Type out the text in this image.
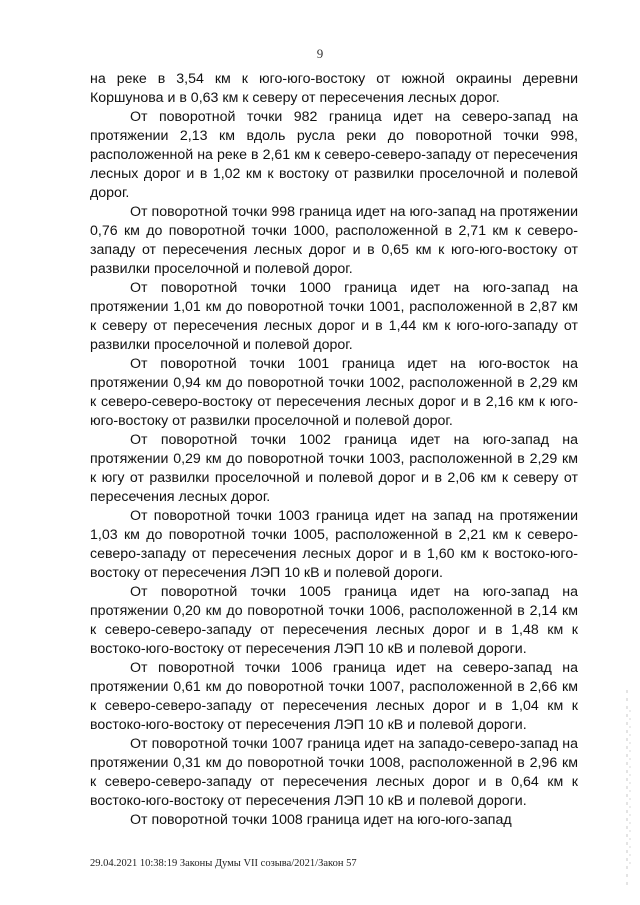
9

на реке в 3,54 км к юго-юго-востоку от южной окраины деревни Коршунова и в 0,63 км к северу от пересечения лесных дорог.

От поворотной точки 982 граница идет на северо-запад на протяжении 2,13 км вдоль русла реки до поворотной точки 998, расположенной на реке в 2,61 км к северо-северо-западу от пересечения лесных дорог и в 1,02 км к востоку от развилки проселочной и полевой дорог.

От поворотной точки 998 граница идет на юго-запад на протяжении 0,76 км до поворотной точки 1000, расположенной в 2,71 км к северо-западу от пересечения лесных дорог и в 0,65 км к юго-юго-востоку от развилки проселочной и полевой дорог.

От поворотной точки 1000 граница идет на юго-запад на протяжении 1,01 км до поворотной точки 1001, расположенной в 2,87 км к северу от пересечения лесных дорог и в 1,44 км к юго-юго-западу от развилки проселочной и полевой дорог.

От поворотной точки 1001 граница идет на юго-восток на протяжении 0,94 км до поворотной точки 1002, расположенной в 2,29 км к северо-северо-востоку от пересечения лесных дорог и в 2,16 км к юго-юго-востоку от развилки проселочной и полевой дорог.

От поворотной точки 1002 граница идет на юго-запад на протяжении 0,29 км до поворотной точки 1003, расположенной в 2,29 км к югу от развилки проселочной и полевой дорог и в 2,06 км к северу от пересечения лесных дорог.

От поворотной точки 1003 граница идет на запад на протяжении 1,03 км до поворотной точки 1005, расположенной в 2,21 км к северо-северо-западу от пересечения лесных дорог и в 1,60 км к востоко-юго-востоку от пересечения ЛЭП 10 кВ и полевой дороги.

От поворотной точки 1005 граница идет на юго-запад на протяжении 0,20 км до поворотной точки 1006, расположенной в 2,14 км к северо-северо-западу от пересечения лесных дорог и в 1,48 км к востоко-юго-востоку от пересечения ЛЭП 10 кВ и полевой дороги.

От поворотной точки 1006 граница идет на северо-запад на протяжении 0,61 км до поворотной точки 1007, расположенной в 2,66 км к северо-северо-западу от пересечения лесных дорог и в 1,04 км к востоко-юго-востоку от пересечения ЛЭП 10 кВ и полевой дороги.

От поворотной точки 1007 граница идет на западо-северо-запад на протяжении 0,31 км до поворотной точки 1008, расположенной в 2,96 км к северо-северо-западу от пересечения лесных дорог и в 0,64 км к востоко-юго-востоку от пересечения ЛЭП 10 кВ и полевой дороги.

От поворотной точки 1008 граница идет на юго-юго-запад

29.04.2021 10:38:19 Законы Думы VII созыва/2021/Закон 57
